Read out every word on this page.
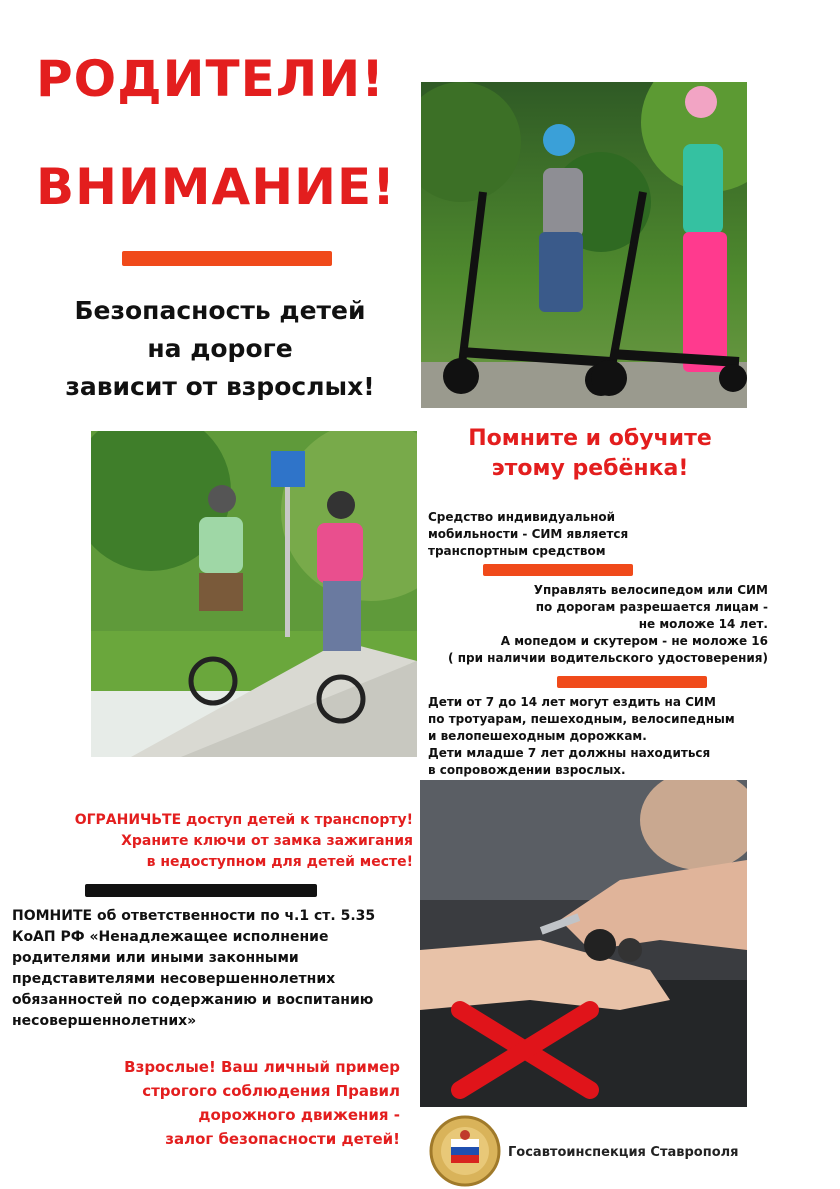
РОДИТЕЛИ!
ВНИМАНИЕ!
Безопасность детей
на дороге
зависит от взрослых!
Помните и обучите
этому ребёнка!
Средство индивидуальной
мобильности - СИМ является
транспортным средством
Управлять велосипедом или СИМ
по дорогам разрешается лицам -
не моложе 14 лет.
А мопедом и скутером - не моложе 16
( при наличии водительского удостоверения)
Дети от 7 до 14 лет могут ездить на СИМ
по тротуарам, пешеходным, велосипедным
и велопешеходным дорожкам.
Дети младше 7 лет должны находиться
в сопровождении взрослых.
ОГРАНИЧЬТЕ доступ детей к транспорту!
Храните ключи от замка зажигания
в недоступном для детей месте!
ПОМНИТЕ об ответственности по ч.1 ст. 5.35
КоАП РФ «Ненадлежащее исполнение
родителями или иными законными
представителями несовершеннолетних
обязанностей по содержанию и воспитанию
несовершеннолетних»
Взрослые! Ваш личный пример
строгого соблюдения Правил
дорожного движения -
залог безопасности детей!
Госавтоинспекция Ставрополя
